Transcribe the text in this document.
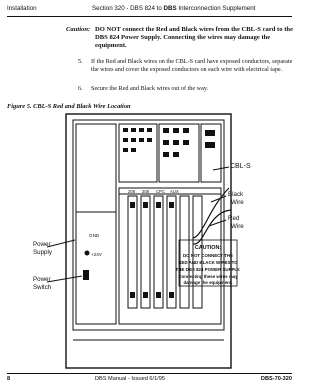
Installation	Section 320 - DBS 824 to DBS Interconnection Supplement
Caution: DO NOT connect the Red and Black wires from the CBL-S card to the DBS 824 Power Supply. Connecting the wires may damage the equipment.
5. If the Red and Black wires on the CBL-S card have exposed conductors, separate the wires and cover the exposed conductors on each wire with electrical tape.
6. Secure the Red and Black wires out of the way.
Figure 5. CBL-S Red and Black Wire Location
CBL-S
Black
Wire
Red
Wire
Power
Supply
Power
Switch
GND
+24V
208 208 CPC AUX
CAUTION:
DO NOT CONNECT THE
RED AND BLACK WIRES TO
THE DBS 824 POWER SUPPLY.
Connecting these wires may
damage the equipment.
8	DBS Manual - Issued 6/1/95	DBS-70-320
